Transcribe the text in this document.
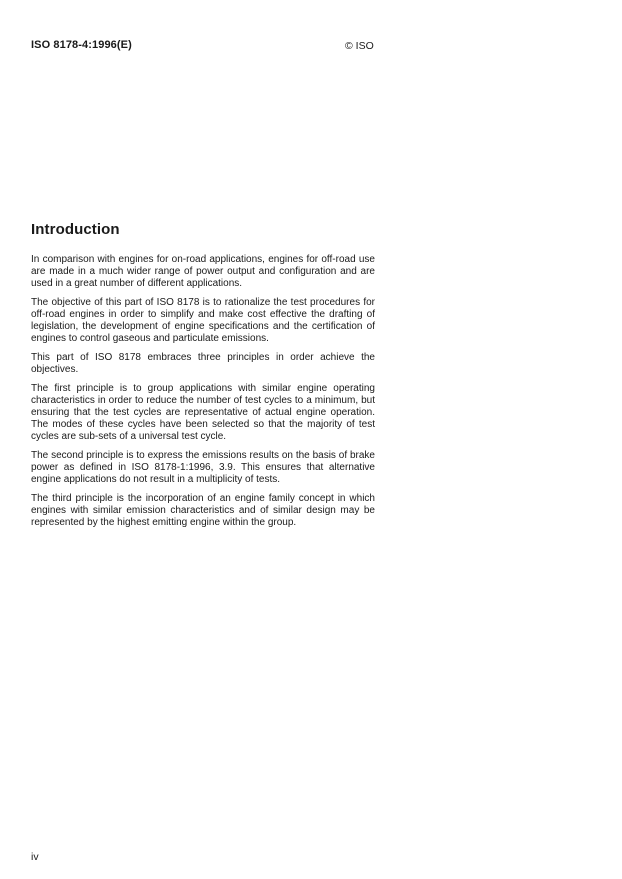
ISO 8178-4:1996(E)	© ISO
Introduction

In comparison with engines for on-road applications, engines for off-road use are made in a much wider range of power output and configuration and are used in a great number of different applications.

The objective of this part of ISO 8178 is to rationalize the test procedures for off-road engines in order to simplify and make cost effective the drafting of legislation, the development of engine specifications and the certification of engines to control gaseous and particulate emissions.

This part of ISO 8178 embraces three principles in order achieve the objectives.

The first principle is to group applications with similar engine operating characteristics in order to reduce the number of test cycles to a minimum, but ensuring that the test cycles are representative of actual engine operation. The modes of these cycles have been selected so that the majority of test cycles are sub-sets of a universal test cycle.

The second principle is to express the emissions results on the basis of brake power as defined in ISO 8178-1:1996, 3.9. This ensures that alternative engine applications do not result in a multiplicity of tests.

The third principle is the incorporation of an engine family concept in which engines with similar emission characteristics and of similar design may be represented by the highest emitting engine within the group.

iv
